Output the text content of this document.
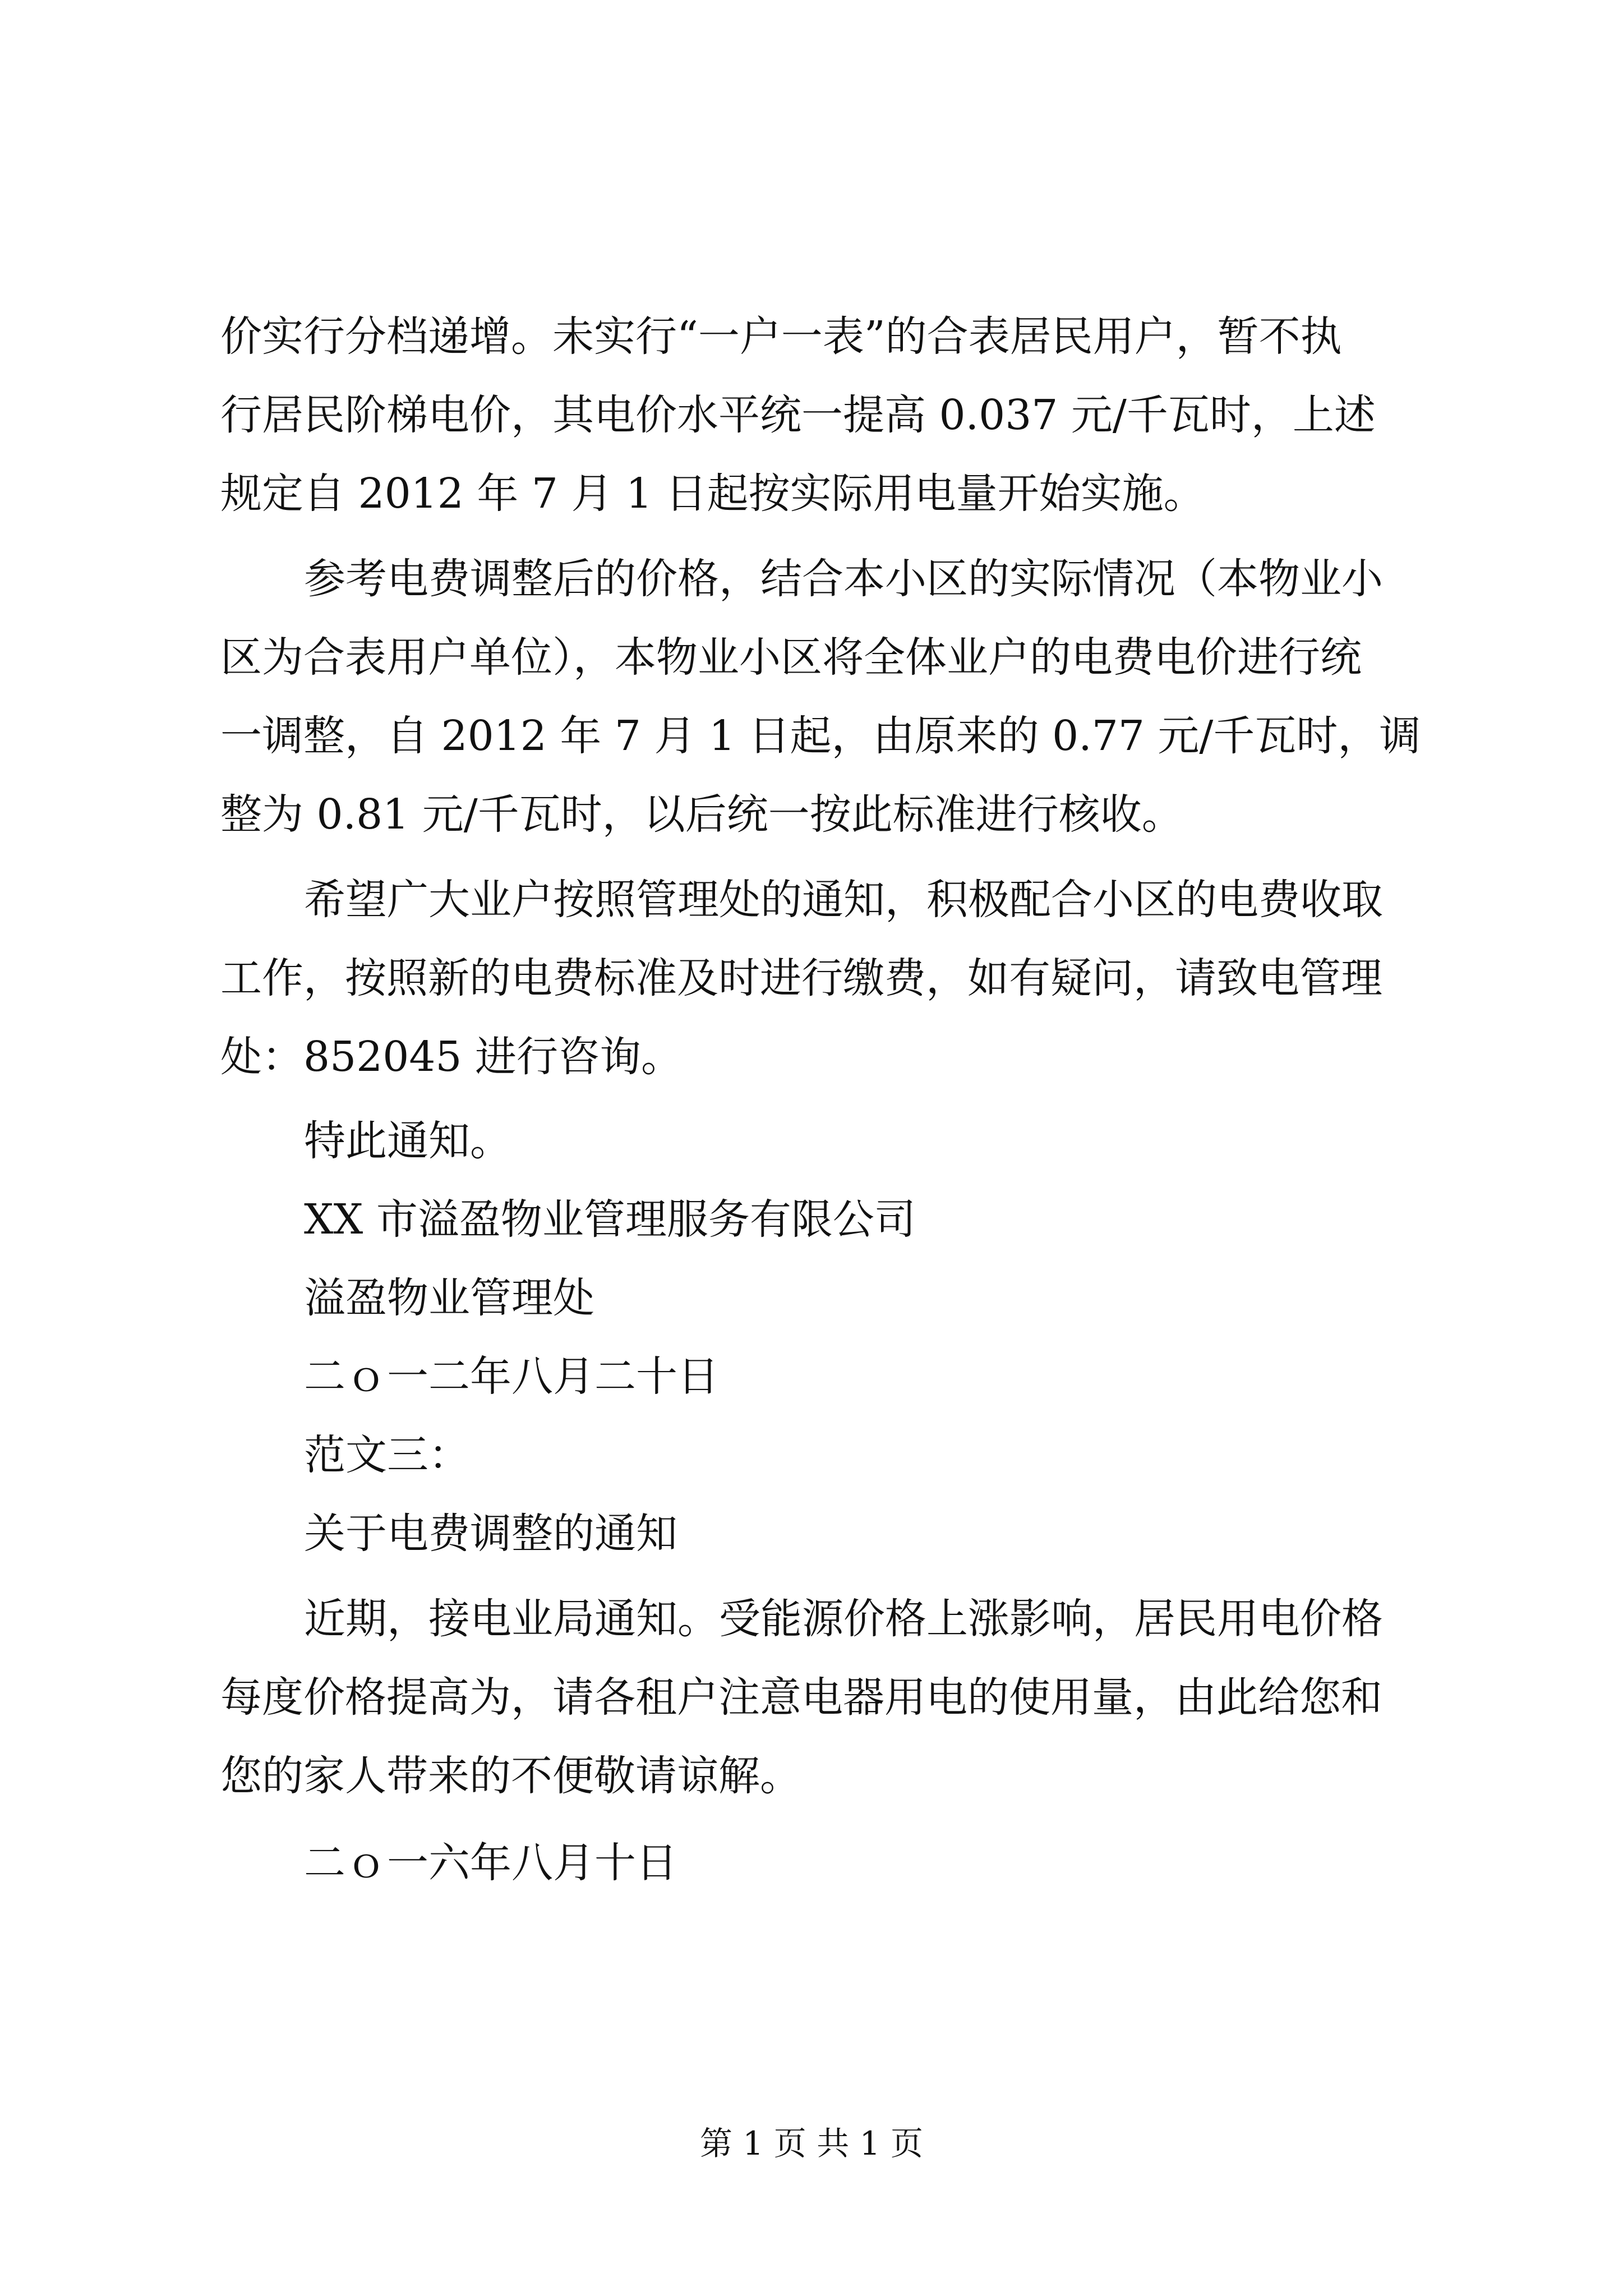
价实行分档递增。未实行“一户一表”的合表居民用户，暂不执
行居民阶梯电价，其电价水平统一提高 0.037 元/千瓦时，上述
规定自 2012 年 7 月 1 日起按实际用电量开始实施。
参考电费调整后的价格，结合本小区的实际情况（本物业小
区为合表用户单位），本物业小区将全体业户的电费电价进行统
一调整，自 2012 年 7 月 1 日起，由原来的 0.77 元/千瓦时，调
整为 0.81 元/千瓦时，以后统一按此标准进行核收。
希望广大业户按照管理处的通知，积极配合小区的电费收取
工作，按照新的电费标准及时进行缴费，如有疑问，请致电管理
处：852045 进行咨询。
特此通知。
XX 市溢盈物业管理服务有限公司
溢盈物业管理处
二ｏ一二年八月二十日
范文三：
关于电费调整的通知
近期，接电业局通知。受能源价格上涨影响，居民用电价格
每度价格提高为，请各租户注意电器用电的使用量，由此给您和
您的家人带来的不便敬请谅解。
二ｏ一六年八月十日
第 1 页 共 1 页
